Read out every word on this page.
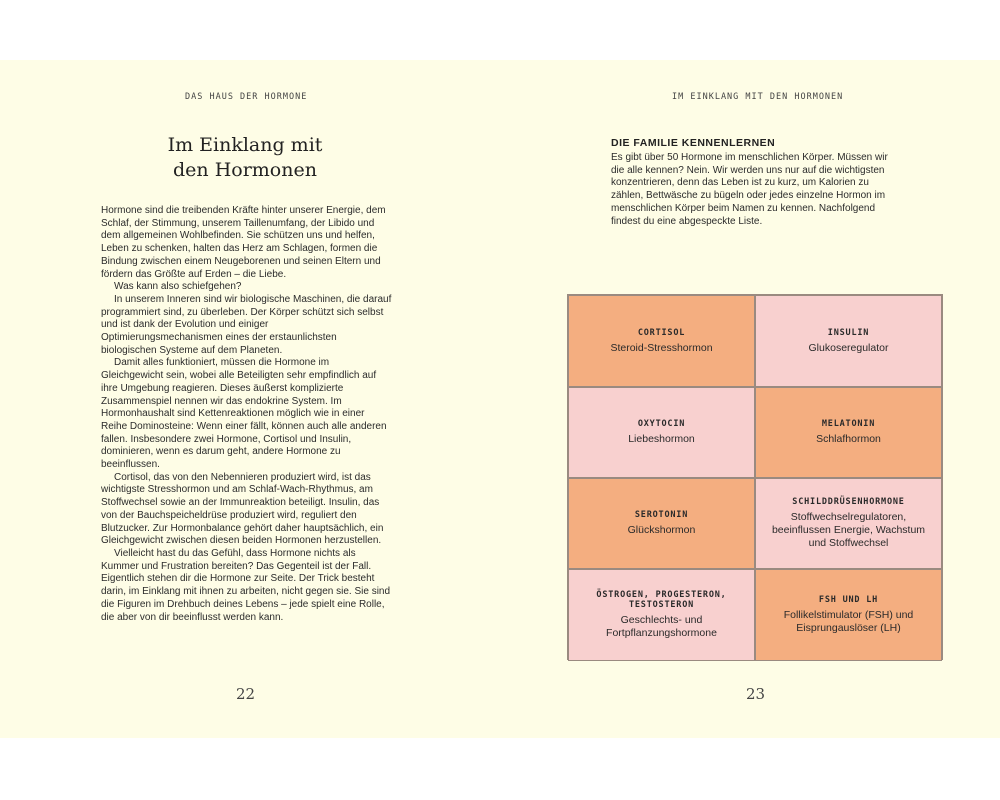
DAS HAUS DER HORMONE
Im Einklang mit
den Hormonen

Hormone sind die treibenden Kräfte hinter unserer Energie, dem Schlaf, der Stimmung, unserem Taillenumfang, der Libido und dem allgemeinen Wohlbefinden. Sie schützen uns und helfen, Leben zu schenken, halten das Herz am Schlagen, formen die Bindung zwischen einem Neugeborenen und seinen Eltern und fördern das Größte auf Erden – die Liebe.

Was kann also schiefgehen?

In unserem Inneren sind wir biologische Maschinen, die darauf programmiert sind, zu überleben. Der Körper schützt sich selbst und ist dank der Evolution und einiger Optimierungsmechanismen eines der erstaunlichsten biologischen Systeme auf dem Planeten.

Damit alles funktioniert, müssen die Hormone im Gleichgewicht sein, wobei alle Beteiligten sehr empfindlich auf ihre Umgebung reagieren. Dieses äußerst komplizierte Zusammenspiel nennen wir das endokrine System. Im Hormonhaushalt sind Kettenreaktionen möglich wie in einer Reihe Dominosteine: Wenn einer fällt, können auch alle anderen fallen. Insbesondere zwei Hormone, Cortisol und Insulin, dominieren, wenn es darum geht, andere Hormone zu beeinflussen.

Cortisol, das von den Nebennieren produziert wird, ist das wichtigste Stresshormon und am Schlaf-Wach-Rhythmus, am Stoffwechsel sowie an der Immunreaktion beteiligt. Insulin, das von der Bauchspeicheldrüse produziert wird, reguliert den Blutzucker. Zur Hormonbalance gehört daher hauptsächlich, ein Gleichgewicht zwischen diesen beiden Hormonen herzustellen.

Vielleicht hast du das Gefühl, dass Hormone nichts als Kummer und Frustration bereiten? Das Gegenteil ist der Fall. Eigentlich stehen dir die Hormone zur Seite. Der Trick besteht darin, im Einklang mit ihnen zu arbeiten, nicht gegen sie. Sie sind die Figuren im Drehbuch deines Lebens – jede spielt eine Rolle, die aber von dir beeinflusst werden kann.

22
IM EINKLANG MIT DEN HORMONEN
DIE FAMILIE KENNENLERNEN

Es gibt über 50 Hormone im menschlichen Körper. Müssen wir die alle kennen? Nein. Wir werden uns nur auf die wichtigsten konzentrieren, denn das Leben ist zu kurz, um Kalorien zu zählen, Bettwäsche zu bügeln oder jedes einzelne Hormon im menschlichen Körper beim Namen zu kennen. Nachfolgend findest du eine abgespeckte Liste.

CORTISOL
Steroid-Stresshormon
INSULIN
Glukoseregulator
OXYTOCIN
Liebeshormon
MELATONIN
Schlafhormon
SEROTONIN
Glückshormon
SCHILDDRÜSENHORMONE
Stoffwechselregulatoren, beeinflussen Energie, Wachstum und Stoffwechsel
ÖSTROGEN, PROGESTERON, TESTOSTERON
Geschlechts- und Fortpflanzungshormone
FSH UND LH
Follikelstimulator (FSH) und Eisprungauslöser (LH)
23
